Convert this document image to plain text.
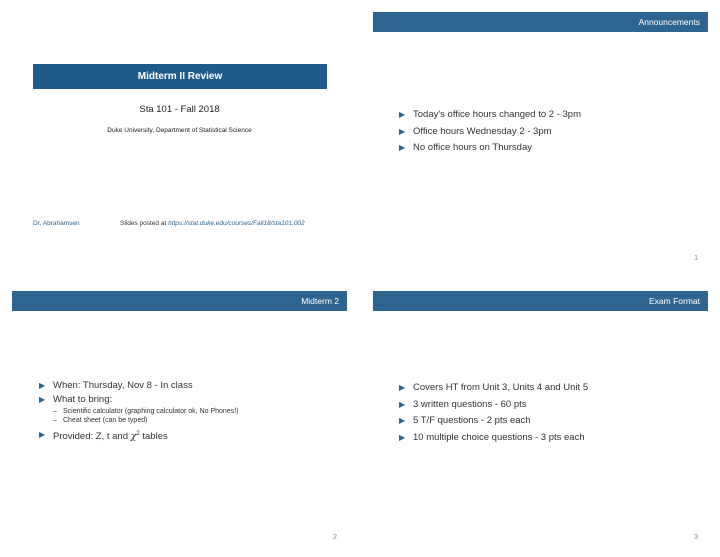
Midterm II Review
Sta 101 - Fall 2018
Duke University, Department of Statistical Science
Dr. Abrahamsen	Slides posted at https://stat.duke.edu/courses/Fall18/sta101.002
Announcements
▶ Today's office hours changed to 2 - 3pm
▶ Office hours Wednesday 2 - 3pm
▶ No office hours on Thursday
1
Midterm 2
▶ When: Thursday, Nov 8 - In class
▶ What to bring:
– Scientific calculator (graphing calculator ok, No Phones!)
– Cheat sheet (can be typed)
▶ Provided: Z, t and $\chi^2$ tables
2
Exam Format
▶ Covers HT from Unit 3, Units 4 and Unit 5
▶ 3 written questions - 60 pts
▶ 5 T/F questions - 2 pts each
▶ 10 multiple choice questions - 3 pts each
3
